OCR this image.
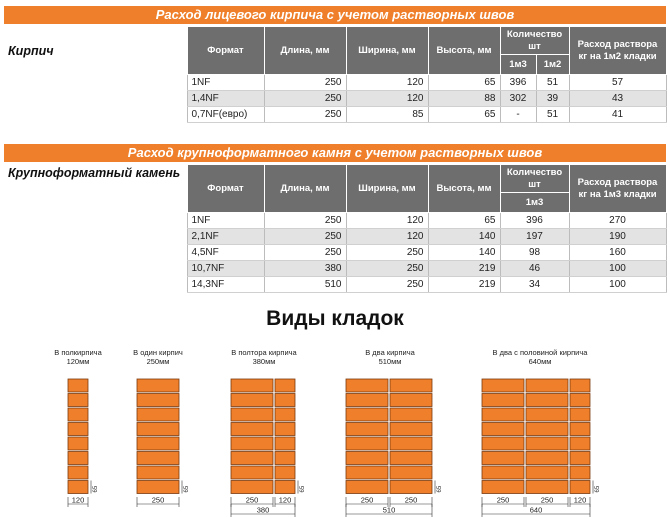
Расход лицевого кирпича с учетом растворных швов
Кирпич	Формат	Длина, мм	Ширина, мм	Высота, мм	Количество шт		Расход раствора кг на 1м2 кладки
					1м3	1м2	
	1NF	250	120	65	396	51	57
	1,4NF	250	120	88	302	39	43
	0,7NF(евро)	250	85	65	-	51	41
Расход крупноформатного камня с учетом растворных швов
Крупноформатный камень	Формат	Длина, мм	Ширина, мм	Высота, мм	Количество шт	Расход раствора кг на 1м3 кладки
					1м3	
	1NF	250	120	65	396	270
	2,1NF	250	120	140	197	190
	4,5NF	250	250	140	98	160
	10,7NF	380	250	219	46	100
	14,3NF	510	250	219	34	100
Виды кладок
В полкирпича
120мм
В один кирпич
250мм
В полтора кирпича
380мм
В два кирпича
510мм
В два с половиной кирпича
640мм
65
120
65
250
65
250	120
380
65
250	250
510
65
250	250	120
640
